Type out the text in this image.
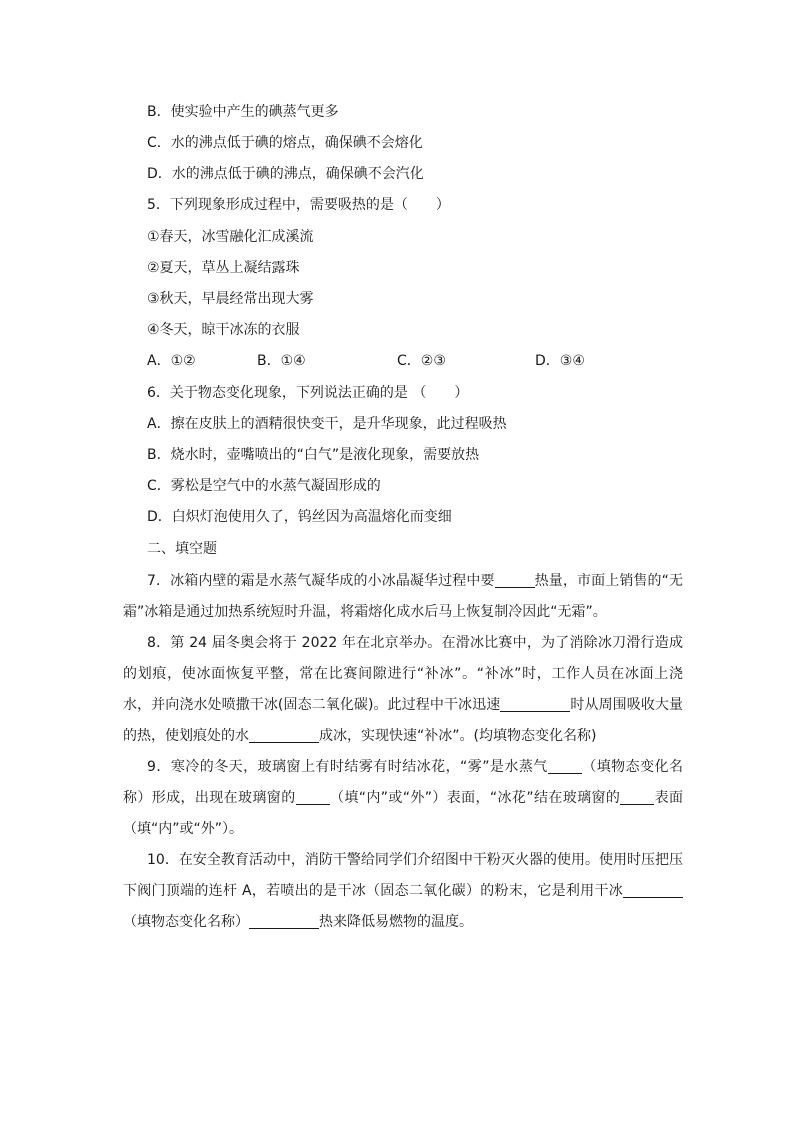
B．使实验中产生的碘蒸气更多
C．水的沸点低于碘的熔点，确保碘不会熔化
D．水的沸点低于碘的沸点，确保碘不会汽化
5．下列现象形成过程中，需要吸热的是（　　）
①春天，冰雪融化汇成溪流
②夏天，草丛上凝结露珠
③秋天，早晨经常出现大雾
④冬天，晾干冰冻的衣服
A．①②	B．①④	C．②③	D．③④
6．关于物态变化现象，下列说法正确的是 （　　）
A．擦在皮肤上的酒精很快变干，是升华现象，此过程吸热
B．烧水时，壶嘴喷出的“白气”是液化现象，需要放热
C．雾松是空气中的水蒸气凝固形成的
D．白炽灯泡使用久了，钨丝因为高温熔化而变细
二、填空题
7．冰箱内壁的霜是水蒸气凝华成的小冰晶凝华过程中要	热量，市面上销售的“无霜”冰箱是通过加热系统短时升温，将霜熔化成水后马上恢复制冷因此“无霜”。
8．第 24 届冬奥会将于 2022 年在北京举办。在滑冰比赛中，为了消除冰刀滑行造成的划痕，使冰面恢复平整，常在比赛间隙进行“补冰”。“补冰”时，工作人员在冰面上浇水，并向浇水处喷撒干冰(固态二氧化碳)。此过程中干冰迅速	时从周围吸收大量的热，使划痕处的水	成冰，实现快速“补冰”。(均填物态变化名称)
9．寒冷的冬天，玻璃窗上有时结雾有时结冰花，“雾”是水蒸气 （填物态变化名称）形成，出现在玻璃窗的 （填“内”或“外”）表面，“冰花”结在玻璃窗的 表面（填“内”或“外”）。
10．在安全教育活动中，消防干警给同学们介绍图中干粉灭火器的使用。使用时压把压下阀门顶端的连杆 A，若喷出的是干冰（固态二氧化碳）的粉末，它是利用干冰（填物态变化名称）	热来降低易燃物的温度。
